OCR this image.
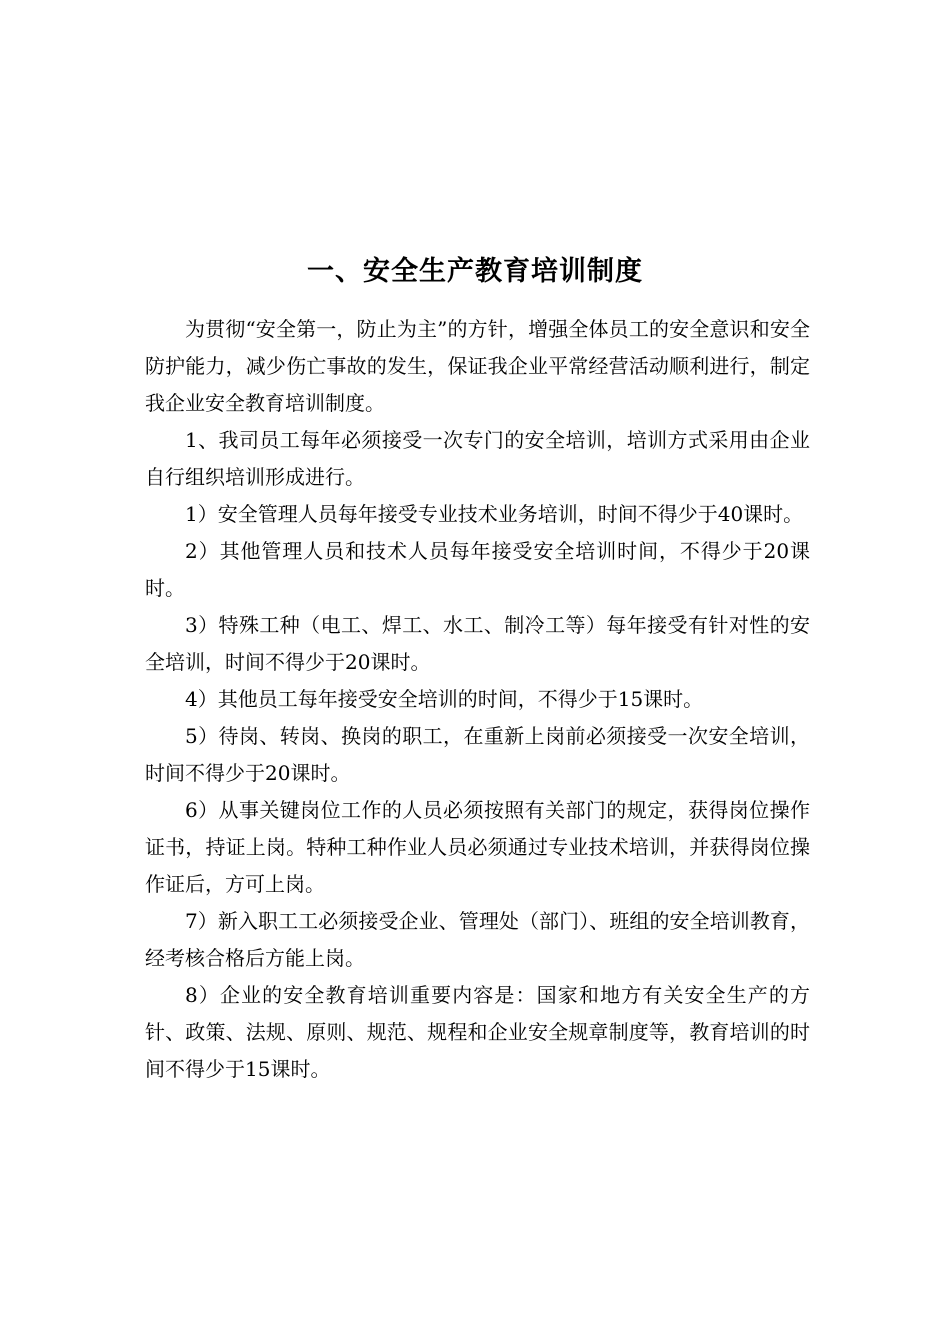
一、安全生产教育培训制度

为贯彻“安全第一，防止为主”的方针，增强全体员工的安全意识和安全防护能力，减少伤亡事故的发生，保证我企业平常经营活动顺利进行，制定我企业安全教育培训制度。

1、我司员工每年必须接受一次专门的安全培训，培训方式采用由企业自行组织培训形成进行。

1）安全管理人员每年接受专业技术业务培训，时间不得少于40课时。

2）其他管理人员和技术人员每年接受安全培训时间，不得少于20课时。

3）特殊工种（电工、焊工、水工、制冷工等）每年接受有针对性的安全培训，时间不得少于20课时。

4）其他员工每年接受安全培训的时间，不得少于15课时。

5）待岗、转岗、换岗的职工，在重新上岗前必须接受一次安全培训，时间不得少于20课时。

6）从事关键岗位工作的人员必须按照有关部门的规定，获得岗位操作证书，持证上岗。特种工种作业人员必须通过专业技术培训，并获得岗位操作证后，方可上岗。

7）新入职工工必须接受企业、管理处（部门）、班组的安全培训教育，经考核合格后方能上岗。

8）企业的安全教育培训重要内容是：国家和地方有关安全生产的方针、政策、法规、原则、规范、规程和企业安全规章制度等，教育培训的时间不得少于15课时。
